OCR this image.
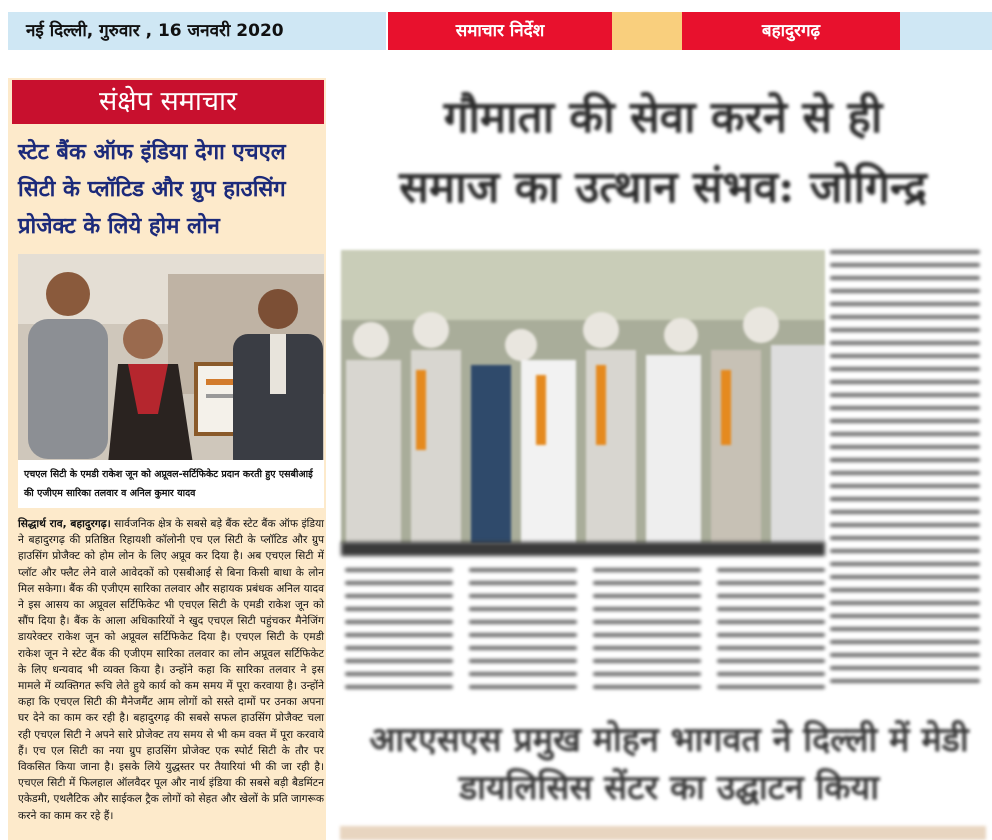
नई दिल्ली, गुरुवार , 16 जनवरी 2020	समाचार निर्देश	बहादुरगढ़
संक्षेप समाचार
स्टेट बैंक ऑफ इंडिया देगा एचएल सिटी के प्लॉटिड और ग्रुप हाउसिंग प्रोजेक्ट के लिये होम लोन
एचएल सिटी के एमडी राकेश जून को अप्रूवल-सर्टिफिकेट प्रदान करती हुए एसबीआई की एजीएम सारिका तलवार व अनिल कुमार यादव
सिद्धार्थ राव, बहादुरगढ़। सार्वजनिक क्षेत्र के सबसे बड़े बैंक स्टेट बैंक ऑफ इंडिया ने बहादुरगढ़ की प्रतिष्ठित रिहायशी कॉलोनी एच एल सिटी के प्लॉटिड और ग्रुप हाउसिंग प्रोजैक्ट को होम लोन के लिए अप्रूव कर दिया है। अब एचएल सिटी में प्लॉट और फ्लैट लेने वाले आवेदकों को एसबीआई से बिना किसी बाधा के लोन मिल सकेगा। बैंक की एजीएम सारिका तलवार और सहायक प्रबंधक अनिल यादव ने इस आसय का अप्रूवल सर्टिफिकेट भी एचएल सिटी के एमडी राकेश जून को सौंप दिया है। बैंक के आला अधिकारियों ने खुद एचएल सिटी पहुंचकर मैनेजिंग डायरेक्टर राकेश जून को अप्रूवल सर्टिफिकेट दिया है। एचएल सिटी के एमडी राकेश जून ने स्टेट बैंक की एजीएम सारिका तलवार का लोन अप्रूवल सर्टिफिकेट के लिए धन्यवाद भी व्यक्त किया है। उन्होंने कहा कि सारिका तलवार ने इस मामले में व्यक्तिगत रूचि लेते हुये कार्य को कम समय में पूरा करवाया है। उन्होंने कहा कि एचएल सिटी की मैनेजमैंट आम लोगों को सस्ते दामों पर उनका अपना घर देने का काम कर रही है। बहादुरगढ़ की सबसे सफल हाउसिंग प्रोजैक्ट चला रही एचएल सिटी ने अपने सारे प्रोजेक्ट तय समय से भी कम वक्त में पूरा करवाये हैं। एच एल सिटी का नया ग्रुप हाउसिंग प्रोजेक्ट एक स्पोर्ट सिटी के तौर पर विकसित किया जाना है। इसके लिये युद्धस्तर पर तैयारियां भी की जा रही है। एचएल सिटी में फिलहाल ऑलवैदर पूल और नार्थ इंडिया की सबसे बड़ी बैडमिंटन एकेडमी, एथलैटिक और साईकल ट्रैक लोगों को सेहत और खेलों के प्रति जागरूक करने का काम कर रहे हैं।
गौमाता की सेवा करने से ही
समाज का उत्थान संभव: जोगिन्द्र
आरएसएस प्रमुख मोहन भागवत ने दिल्ली में मेडी डायलिसिस सेंटर का उद्घाटन किया
